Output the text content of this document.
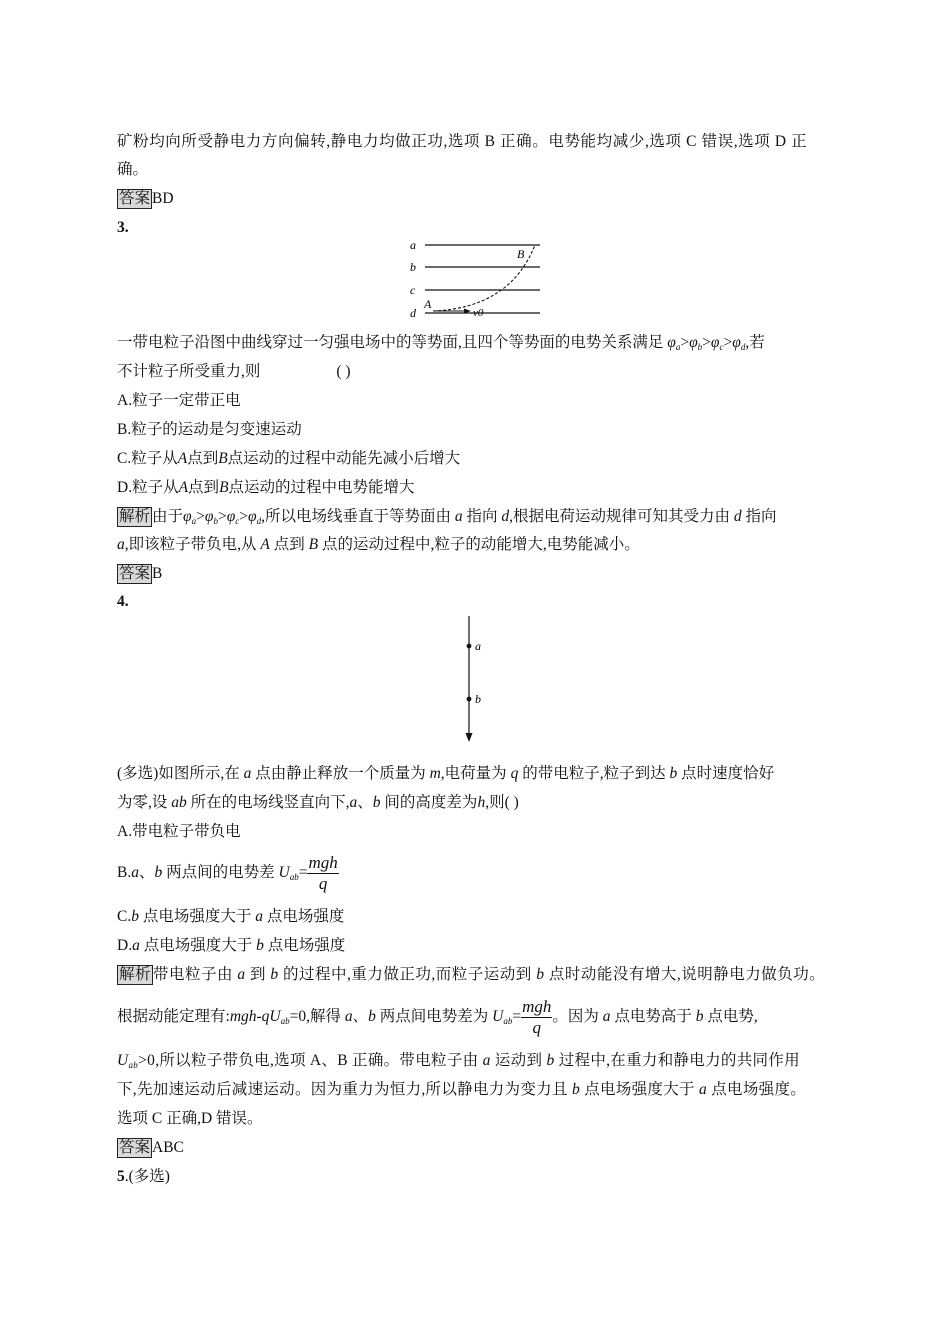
矿粉均向所受静电力方向偏转,静电力均做正功,选项 B 正确。电势能均减少,选项 C 错误,选项 D 正
确。
答案 BD
3.
a
b
c
d
A
B
v0
一带电粒子沿图中曲线穿过一匀强电场中的等势面,且四个等势面的电势关系满足 $\varphi_a>\varphi_b>\varphi_c>\varphi_d$,若
不计粒子所受重力,则	( )
A.粒子一定带正电
B.粒子的运动是匀变速运动
C.粒子从A点到B点运动的过程中动能先减小后增大
D.粒子从A点到B点运动的过程中电势能增大
解析 由于$\varphi_a>\varphi_b>\varphi_c>\varphi_d$,所以电场线垂直于等势面由 a 指向 d,根据电荷运动规律可知其受力由 d 指向
a,即该粒子带负电,从 A 点到 B 点的运动过程中,粒子的动能增大,电势能减小。
答案 B
4.
a
b
(多选)如图所示,在 a 点由静止释放一个质量为 m,电荷量为 q 的带电粒子,粒子到达 b 点时速度恰好
为零,设 ab 所在的电场线竖直向下,a、b 间的高度差为h,则( )
A.带电粒子带负电
B.a、b 两点间的电势差 $U_{ab}= \frac{\text{mgh}}{q}$
C.b 点电场强度大于 a 点电场强度
D.a 点电场强度大于 b 点电场强度
解析 带电粒子由 a 到 b 的过程中,重力做正功,而粒子运动到 b 点时动能没有增大,说明静电力做负功。
根据动能定理有$:mgh-qU_{ab}=0$,解得 a、b 两点间电势差为 $U_{ab}= \frac{\text{mgh}}{q}$ 。因为 a 点电势高于 b 点电势,
$U_{ab}>0$,所以粒子带负电,选项 A、B 正确。带电粒子由 a 运动到 b 过程中,在重力和静电力的共同作用
下,先加速运动后减速运动。因为重力为恒力,所以静电力为变力且 b 点电场强度大于 a 点电场强度。
选项 C 正确,D 错误。
答案 ABC
5.(多选)
